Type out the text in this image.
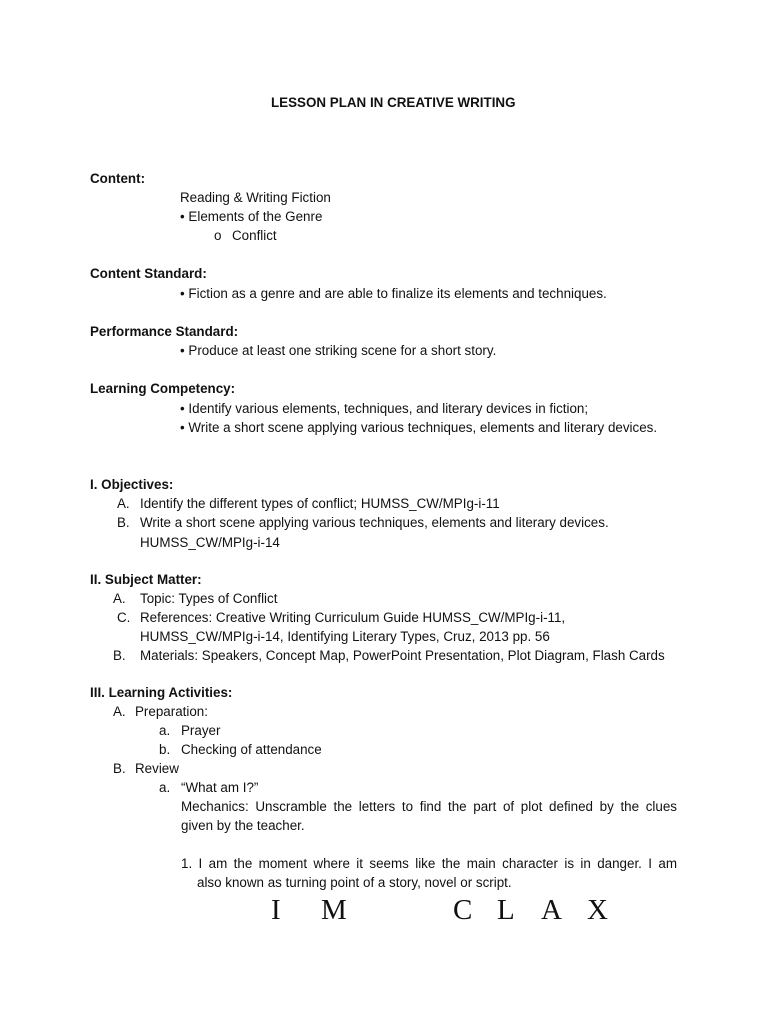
LESSON PLAN IN CREATIVE WRITING
Content:
Reading & Writing Fiction
• Elements of the Genre
o Conflict
Content Standard:
• Fiction as a genre and are able to finalize its elements and techniques.
Performance Standard:
• Produce at least one striking scene for a short story.
Learning Competency:
• Identify various elements, techniques, and literary devices in fiction;
• Write a short scene applying various techniques, elements and literary devices.
I. Objectives:
A. Identify the different types of conflict; HUMSS_CW/MPIg-i-11
B. Write a short scene applying various techniques, elements and literary devices.
HUMSS_CW/MPIg-i-14
II. Subject Matter:
A. Topic: Types of Conflict
C. References: Creative Writing Curriculum Guide HUMSS_CW/MPIg-i-11,
HUMSS_CW/MPIg-i-14, Identifying Literary Types, Cruz, 2013 pp. 56
B. Materials: Speakers, Concept Map, PowerPoint Presentation, Plot Diagram, Flash Cards
III. Learning Activities:
A. Preparation:
a. Prayer
b. Checking of attendance
B. Review
a. “What am I?”
Mechanics: Unscramble the letters to find the part of plot defined by the clues
given by the teacher.
1. I am the moment where it seems like the main character is in danger. I am
also known as turning point of a story, novel or script.
I M	C L A X
